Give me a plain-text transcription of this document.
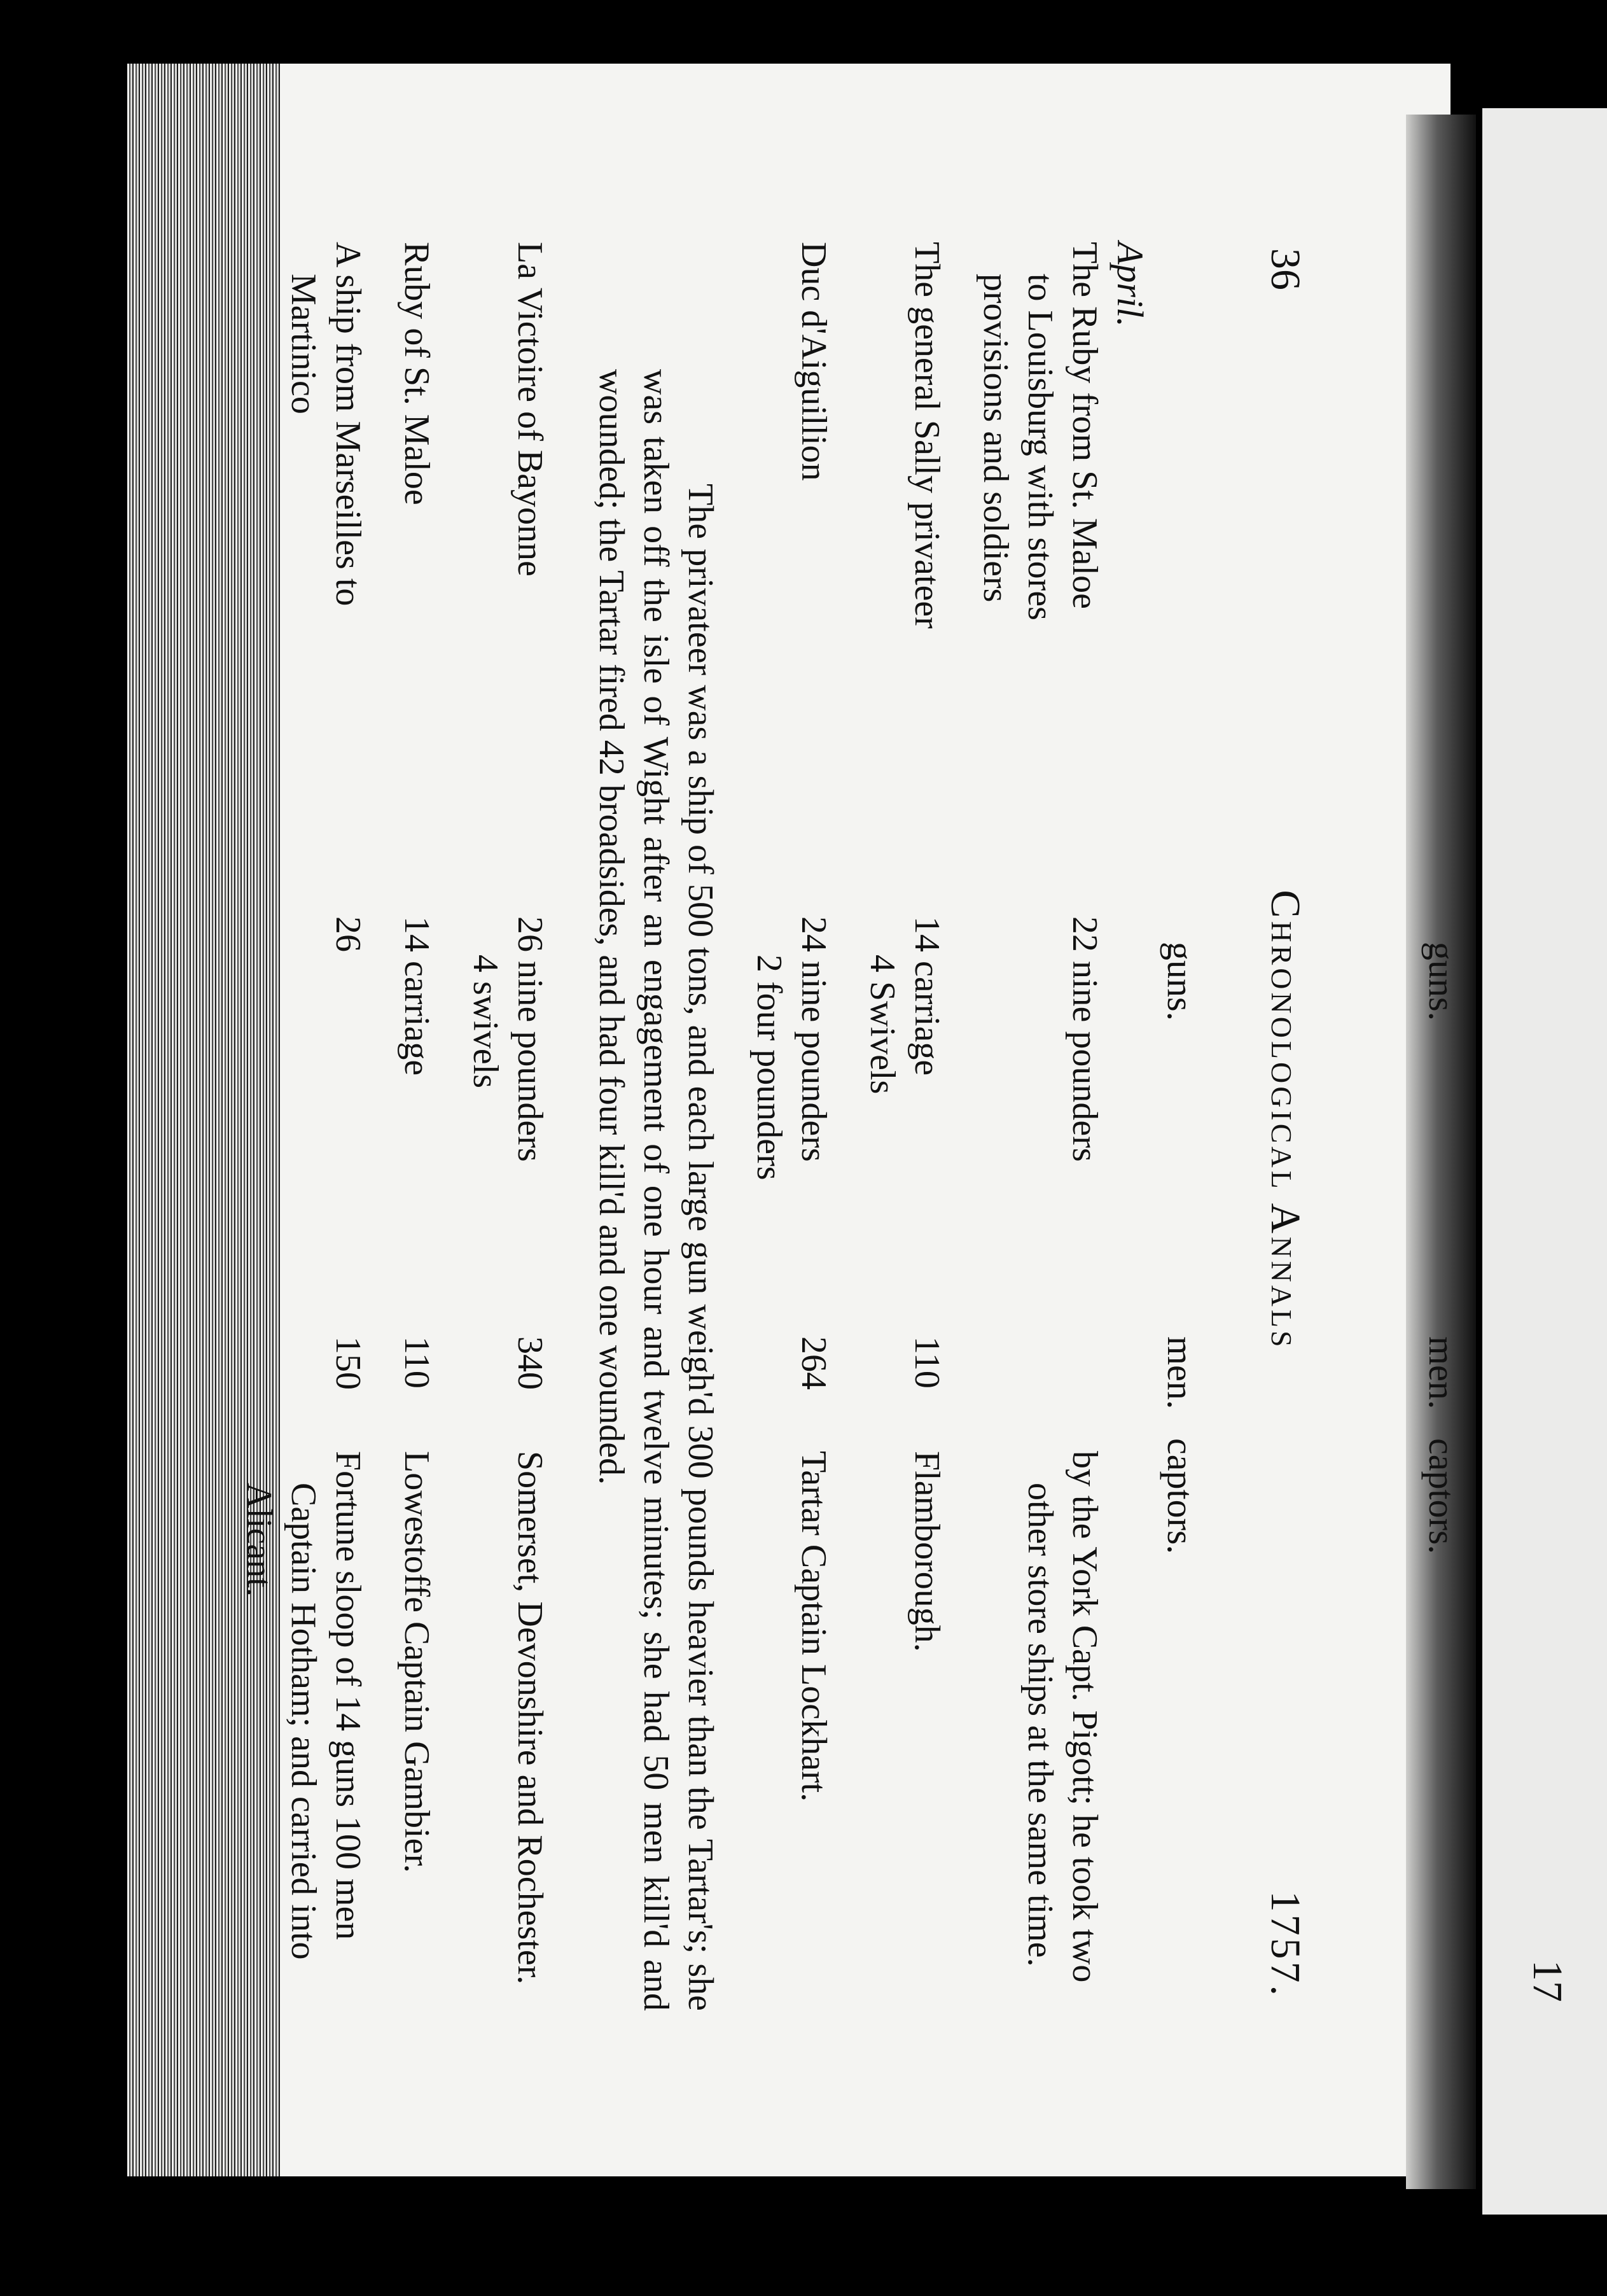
36
Chronological Annals
1757.
guns.
men.
captors.
April.
The Ruby from St. Maloe to Louisburg with stores provisions and soldiers
22 nine pounders
by the York Capt. Pigott; he took two other store ships at the same time.
The general Sally privateer
14 carriage
4 Swivels
110
Flamborough.
Duc d'Aiguillion
24 nine pounders
2 four pounders
264
Tartar Captain Lockhart.
The privateer was a ship of 500 tons, and each large gun weigh'd 300 pounds heavier than the Tartar's; she was taken off the isle of Wight after an engagement of one hour and twelve minutes; she had 50 men kill'd and wounded; the Tartar fired 42 broadsides, and had four kill'd and one wounded.
La Victoire of Bayonne
26 nine pounders
4 swivels
340
Somerset, Devonshire and Rochester.
Ruby of St. Maloe
14 carriage
110
Lowestoffe Captain Gambier.
A ship from Marseilles to Martinico
26
150
Fortune sloop of 14 guns 100 men Captain Hotham; and carried into Alicant.
17
guns.
men.
captors.
